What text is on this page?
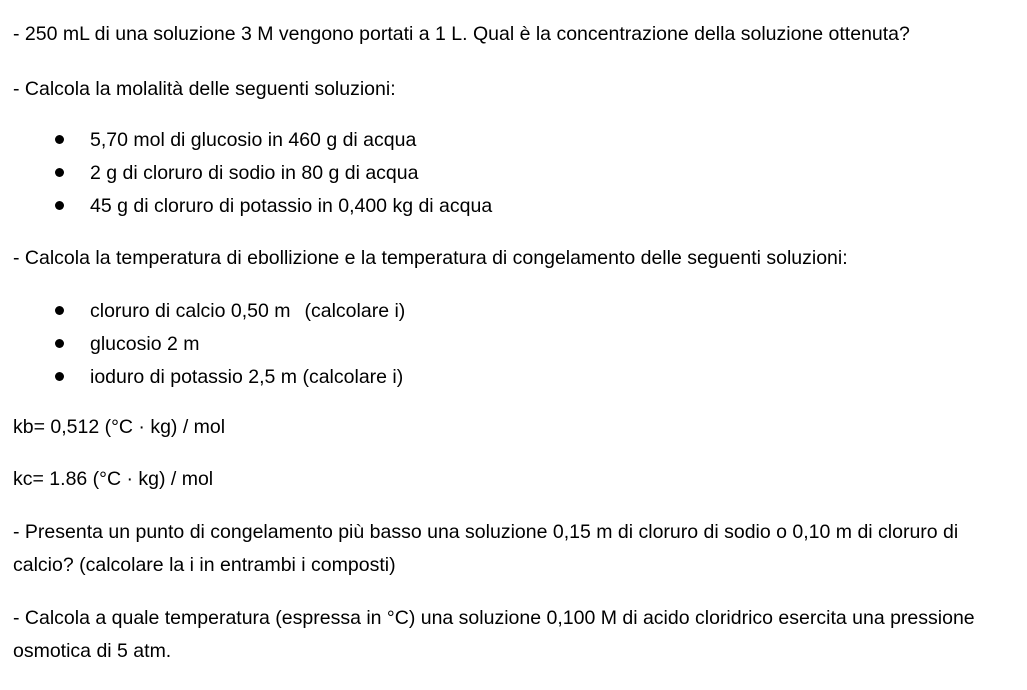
- 250 mL di una soluzione 3 M vengono portati a 1 L. Qual è la concentrazione della soluzione ottenuta?
- Calcola la molalità delle seguenti soluzioni:
5,70 mol di glucosio in 460 g di acqua
2 g di cloruro di sodio in 80 g di acqua
45 g di cloruro di potassio in 0,400 kg di acqua
- Calcola la temperatura di ebollizione e la temperatura di congelamento delle seguenti soluzioni:
cloruro di calcio 0,50 m (calcolare i)
glucosio 2 m
ioduro di potassio 2,5 m (calcolare i)
kb= 0,512 (°C · kg) / mol
kc= 1.86 (°C · kg) / mol
- Presenta un punto di congelamento più basso una soluzione 0,15 m di cloruro di sodio o 0,10 m di cloruro di calcio? (calcolare la i in entrambi i composti)
- Calcola a quale temperatura (espressa in °C) una soluzione 0,100 M di acido cloridrico esercita una pressione osmotica di 5 atm.
